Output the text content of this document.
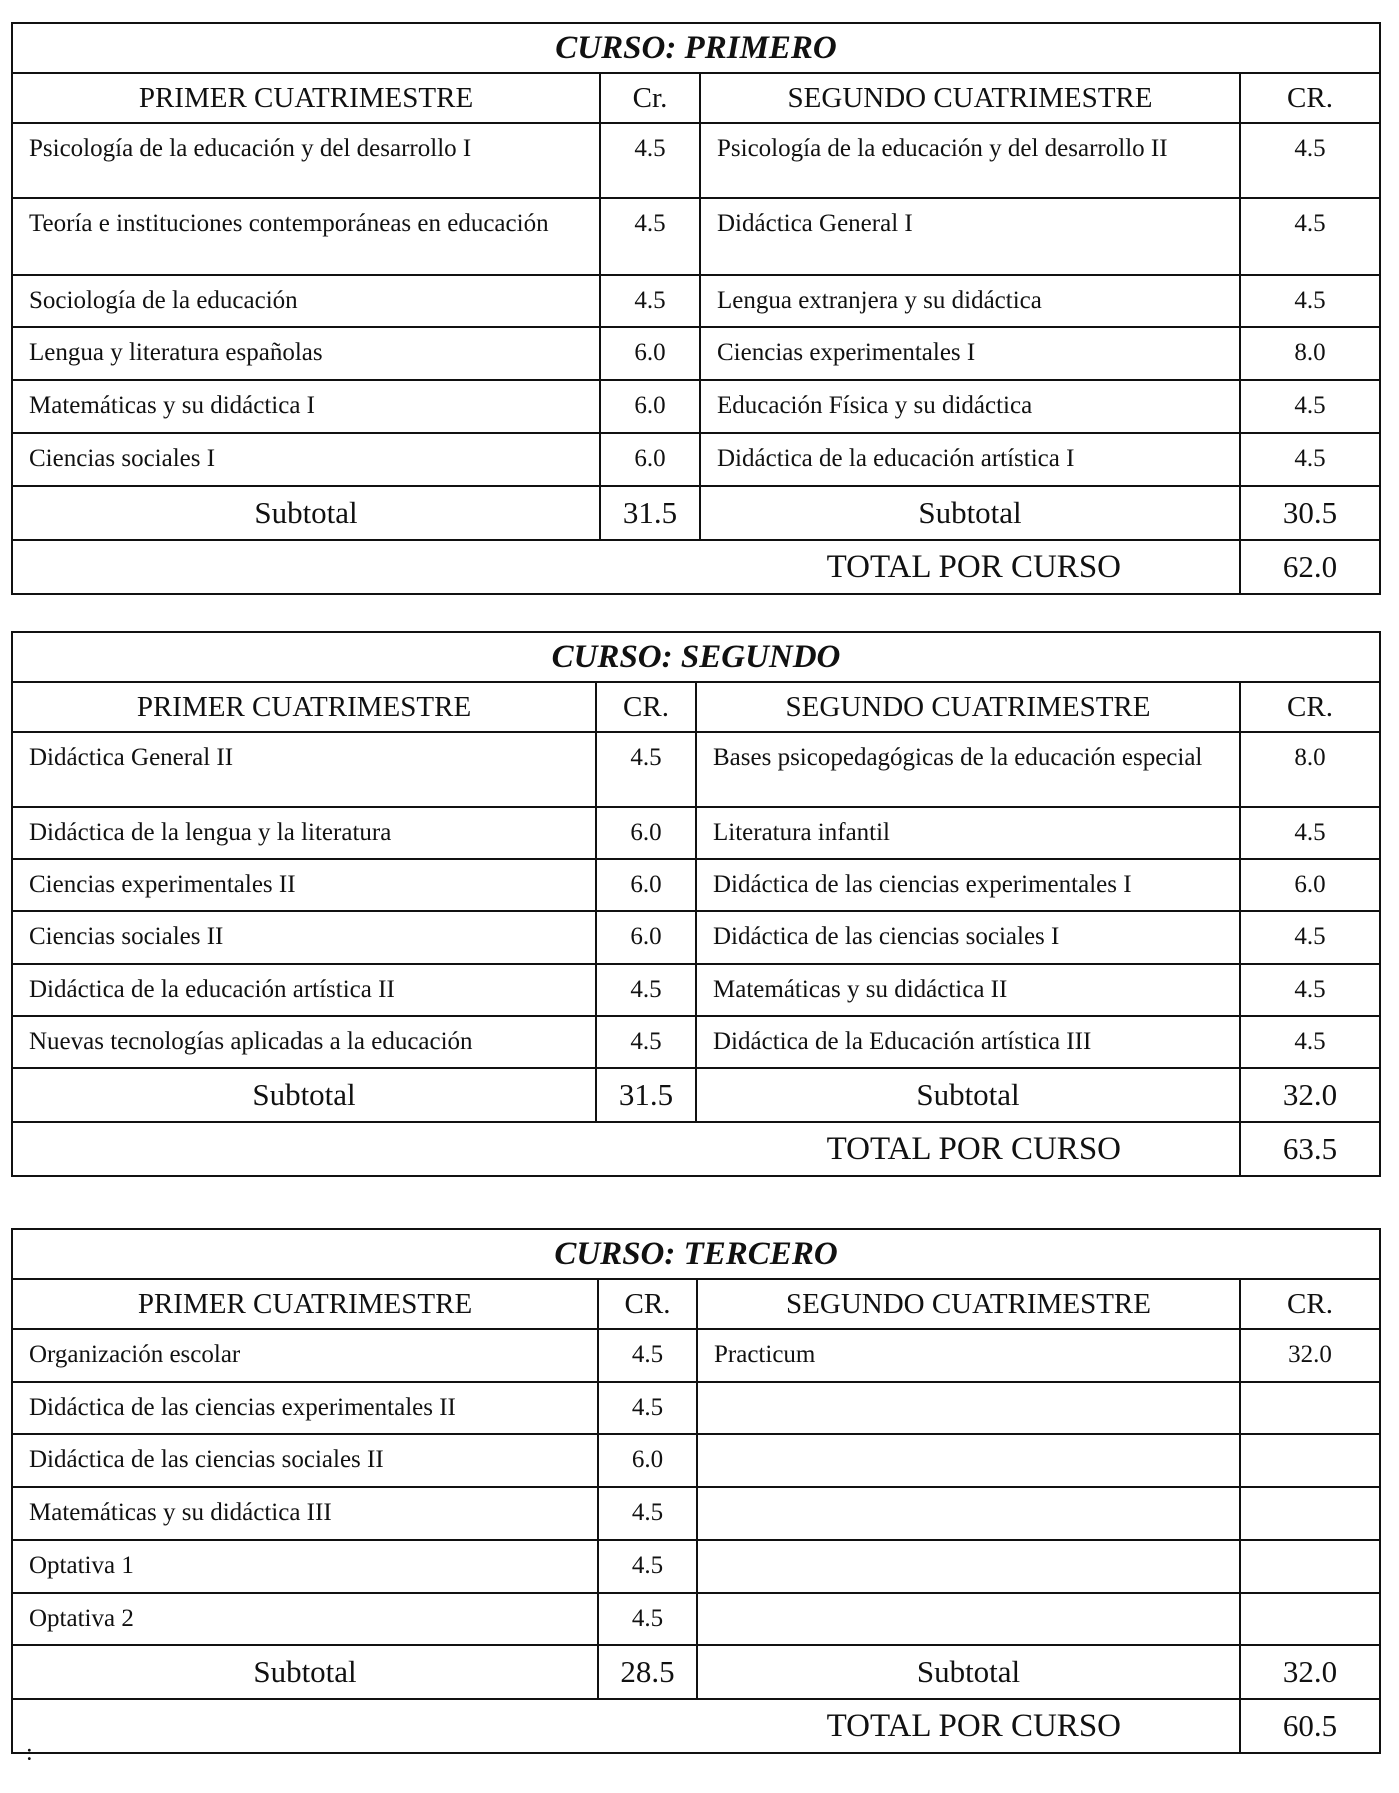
CURSO: PRIMERO			
PRIMER CUATRIMESTRE	Cr.	SEGUNDO CUATRIMESTRE	CR.
Psicología de la educación y del desarrollo I	4.5	Psicología de la educación y del desarrollo II	4.5
Teoría e instituciones contemporáneas en educación	4.5	Didáctica General I	4.5
Sociología de la educación	4.5	Lengua extranjera y su didáctica	4.5
Lengua y literatura españolas	6.0	Ciencias experimentales I	8.0
Matemáticas y su didáctica I	6.0	Educación Física y su didáctica	4.5
Ciencias sociales I	6.0	Didáctica de la educación artística I	4.5
Subtotal	31.5	Subtotal	30.5
TOTAL POR CURSO			62.0
CURSO: SEGUNDO			
PRIMER CUATRIMESTRE	CR.	SEGUNDO CUATRIMESTRE	CR.
Didáctica General II	4.5	Bases psicopedagógicas de la educación especial	8.0
Didáctica de la lengua y la literatura	6.0	Literatura infantil	4.5
Ciencias experimentales II	6.0	Didáctica de las ciencias experimentales I	6.0
Ciencias sociales II	6.0	Didáctica de las ciencias sociales I	4.5
Didáctica de la educación artística II	4.5	Matemáticas y su didáctica II	4.5
Nuevas tecnologías aplicadas a la educación	4.5	Didáctica de la Educación artística III	4.5
Subtotal	31.5	Subtotal	32.0
TOTAL POR CURSO			63.5
CURSO: TERCERO			
PRIMER CUATRIMESTRE	CR.	SEGUNDO CUATRIMESTRE	CR.
Organización escolar	4.5	Practicum	32.0
Didáctica de las ciencias experimentales II	4.5		
Didáctica de las ciencias sociales II	6.0		
Matemáticas y su didáctica III	4.5		
Optativa 1	4.5		
Optativa 2	4.5		
Subtotal	28.5	Subtotal	32.0
TOTAL POR CURSO			60.5
:
